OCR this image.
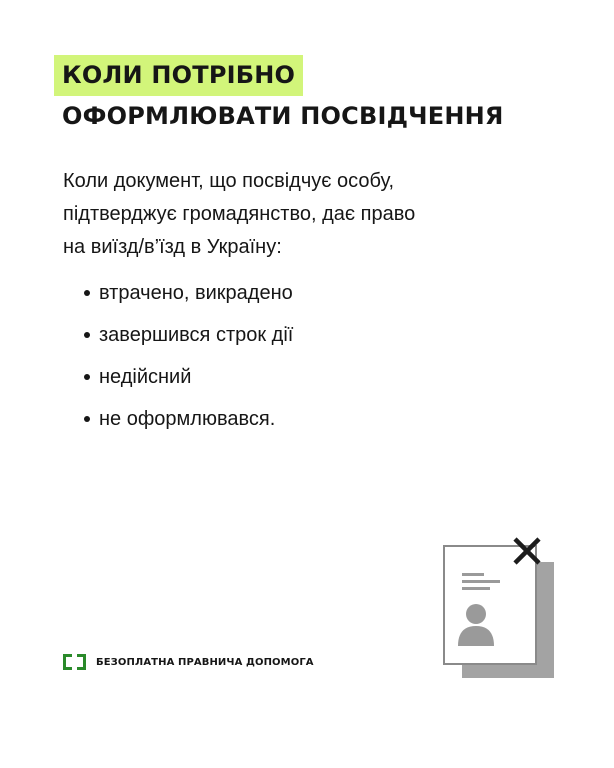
КОЛИ ПОТРІБНО
ОФОРМЛЮВАТИ ПОСВІДЧЕННЯ
Коли документ, що посвідчує особу,
підтверджує громадянство, дає право
на виїзд/в’їзд в Україну:
втрачено, викрадено
завершився строк дії
недійсний
не оформлювався.
БЕЗОПЛАТНА ПРАВНИЧА ДОПОМОГА
